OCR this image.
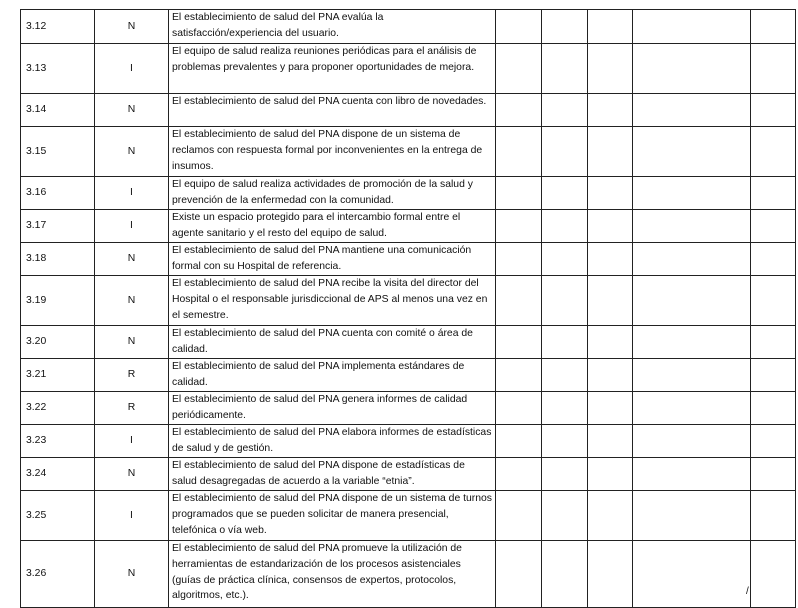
3.12	N	El establecimiento de salud del PNA evalúa la satisfacción/experiencia del usuario.					
3.13	I	El equipo de salud realiza reuniones periódicas para el análisis de problemas prevalentes y para proponer oportunidades de mejora.					
3.14	N	El establecimiento de salud del PNA cuenta con libro de novedades.					
3.15	N	El establecimiento de salud del PNA dispone de un sistema de reclamos con respuesta formal por inconvenientes en la entrega de insumos.					
3.16	I	El equipo de salud realiza actividades de promoción de la salud y prevención de la enfermedad con la comunidad.					
3.17	I	Existe un espacio protegido para el intercambio formal entre el agente sanitario y el resto del equipo de salud.					
3.18	N	El establecimiento de salud del PNA mantiene una comunicación formal con su Hospital de referencia.					
3.19	N	El establecimiento de salud del PNA recibe la visita del director del Hospital o el responsable jurisdiccional de APS al menos una vez en el semestre.					
3.20	N	El establecimiento de salud del PNA cuenta con comité o área de calidad.					
3.21	R	El establecimiento de salud del PNA implementa estándares de calidad.					
3.22	R	El establecimiento de salud del PNA genera informes de calidad periódicamente.					
3.23	I	El establecimiento de salud del PNA elabora informes de estadísticas de salud y de gestión.					
3.24	N	El establecimiento de salud del PNA dispone de estadísticas de salud desagregadas de acuerdo a la variable “etnia”.					
3.25	I	El establecimiento de salud del PNA dispone de un sistema de turnos programados que se pueden solicitar de manera presencial, telefónica o vía web.					
3.26	N	El establecimiento de salud del PNA promueve la utilización de herramientas de estandarización de los procesos asistenciales (guías de práctica clínica, consensos de expertos, protocolos, algoritmos, etc.).						/
